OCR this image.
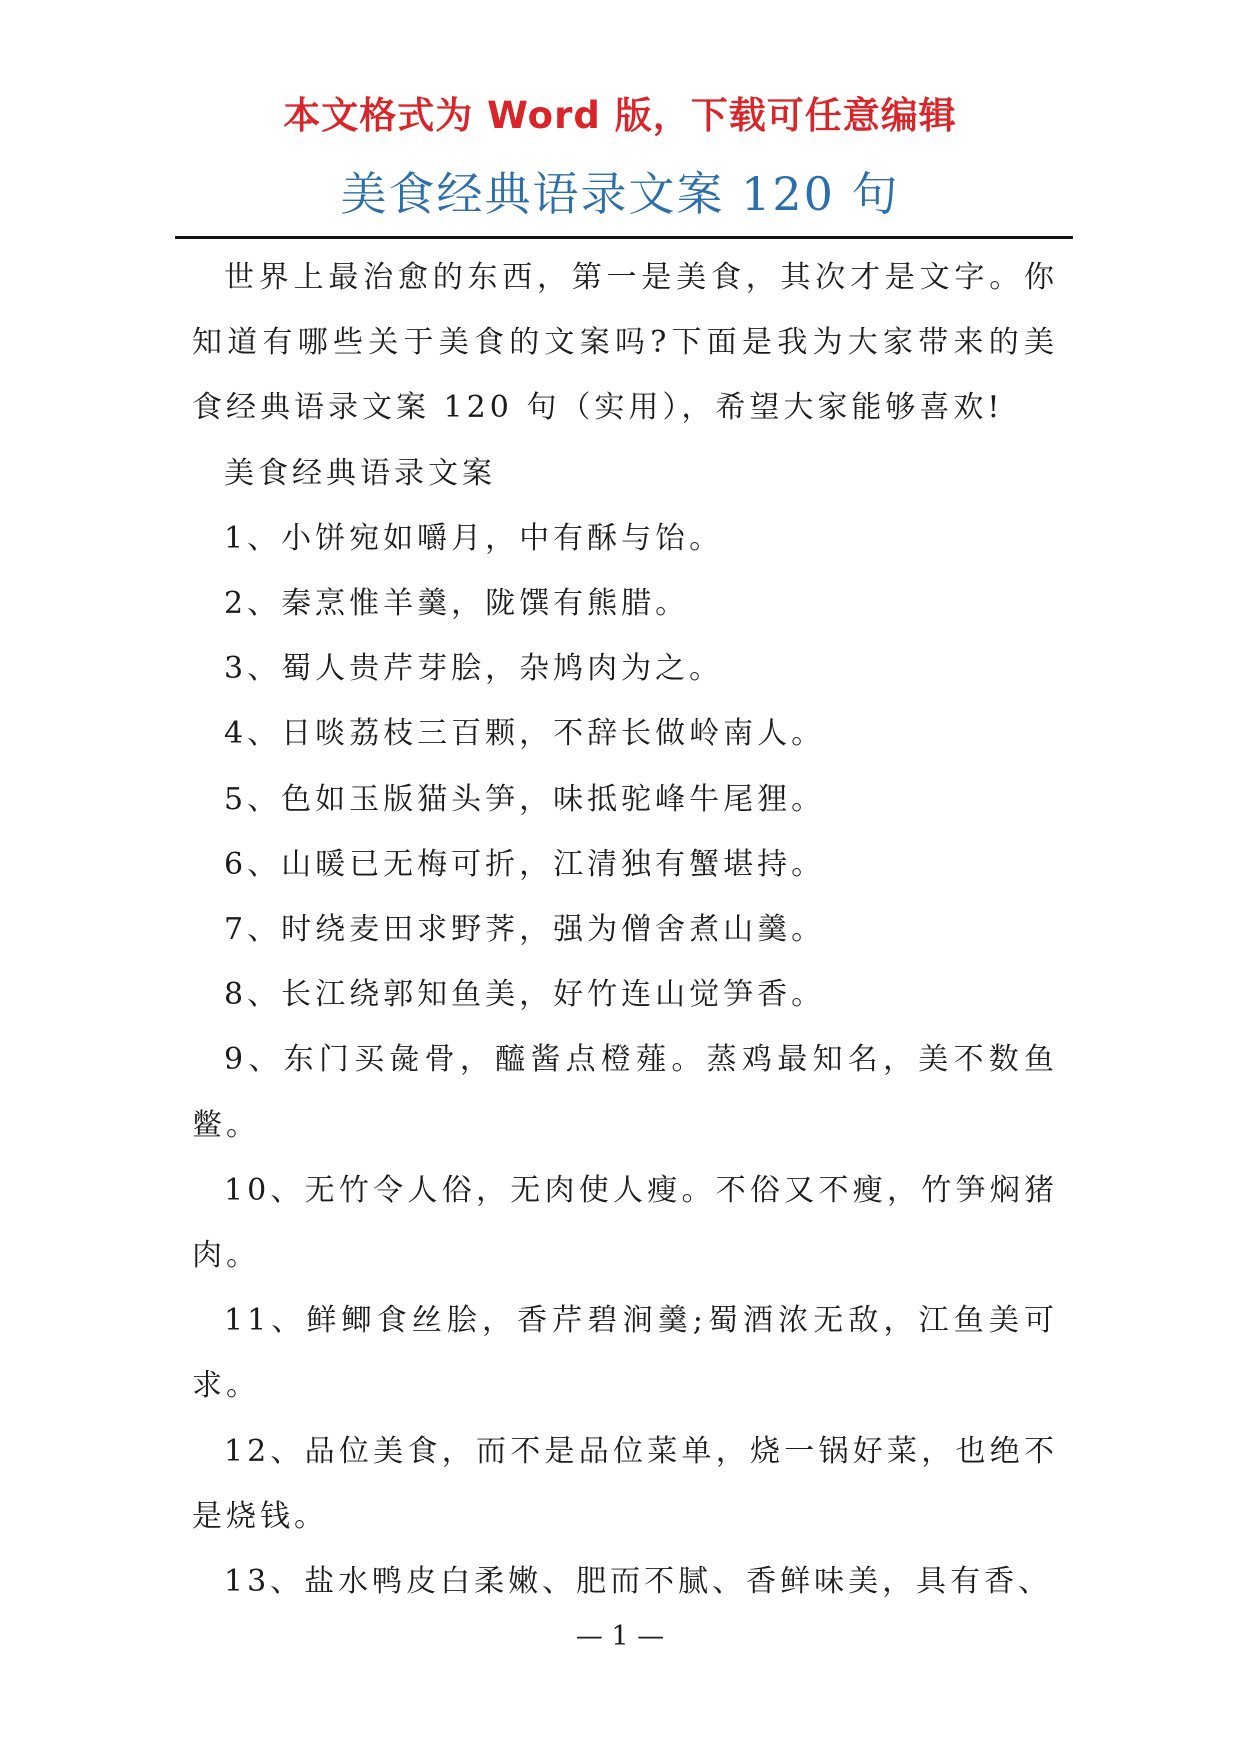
本文格式为 Word 版，下载可任意编辑
美食经典语录文案 120 句

世界上最治愈的东西，第一是美食，其次才是文字。你知道有哪些关于美食的文案吗?下面是我为大家带来的美食经典语录文案 120 句（实用），希望大家能够喜欢!

美食经典语录文案

1、小饼宛如嚼月，中有酥与饴。

2、秦烹惟羊羹，陇馔有熊腊。

3、蜀人贵芹芽脍，杂鸠肉为之。

4、日啖荔枝三百颗，不辞长做岭南人。

5、色如玉版猫头笋，味抵驼峰牛尾狸。

6、山暖已无梅可折，江清独有蟹堪持。

7、时绕麦田求野荠，强为僧舍煮山羹。

8、长江绕郭知鱼美，好竹连山觉笋香。

9、东门买彘骨，醯酱点橙薤。蒸鸡最知名，美不数鱼鳖。

10、无竹令人俗，无肉使人瘦。不俗又不瘦，竹笋焖猪肉。

11、鲜鲫食丝脍，香芹碧涧羹;蜀酒浓无敌，江鱼美可求。

12、品位美食，而不是品位菜单，烧一锅好菜，也绝不是烧钱。

13、盐水鸭皮白柔嫩、肥而不腻、香鲜味美，具有香、

— 1 —
